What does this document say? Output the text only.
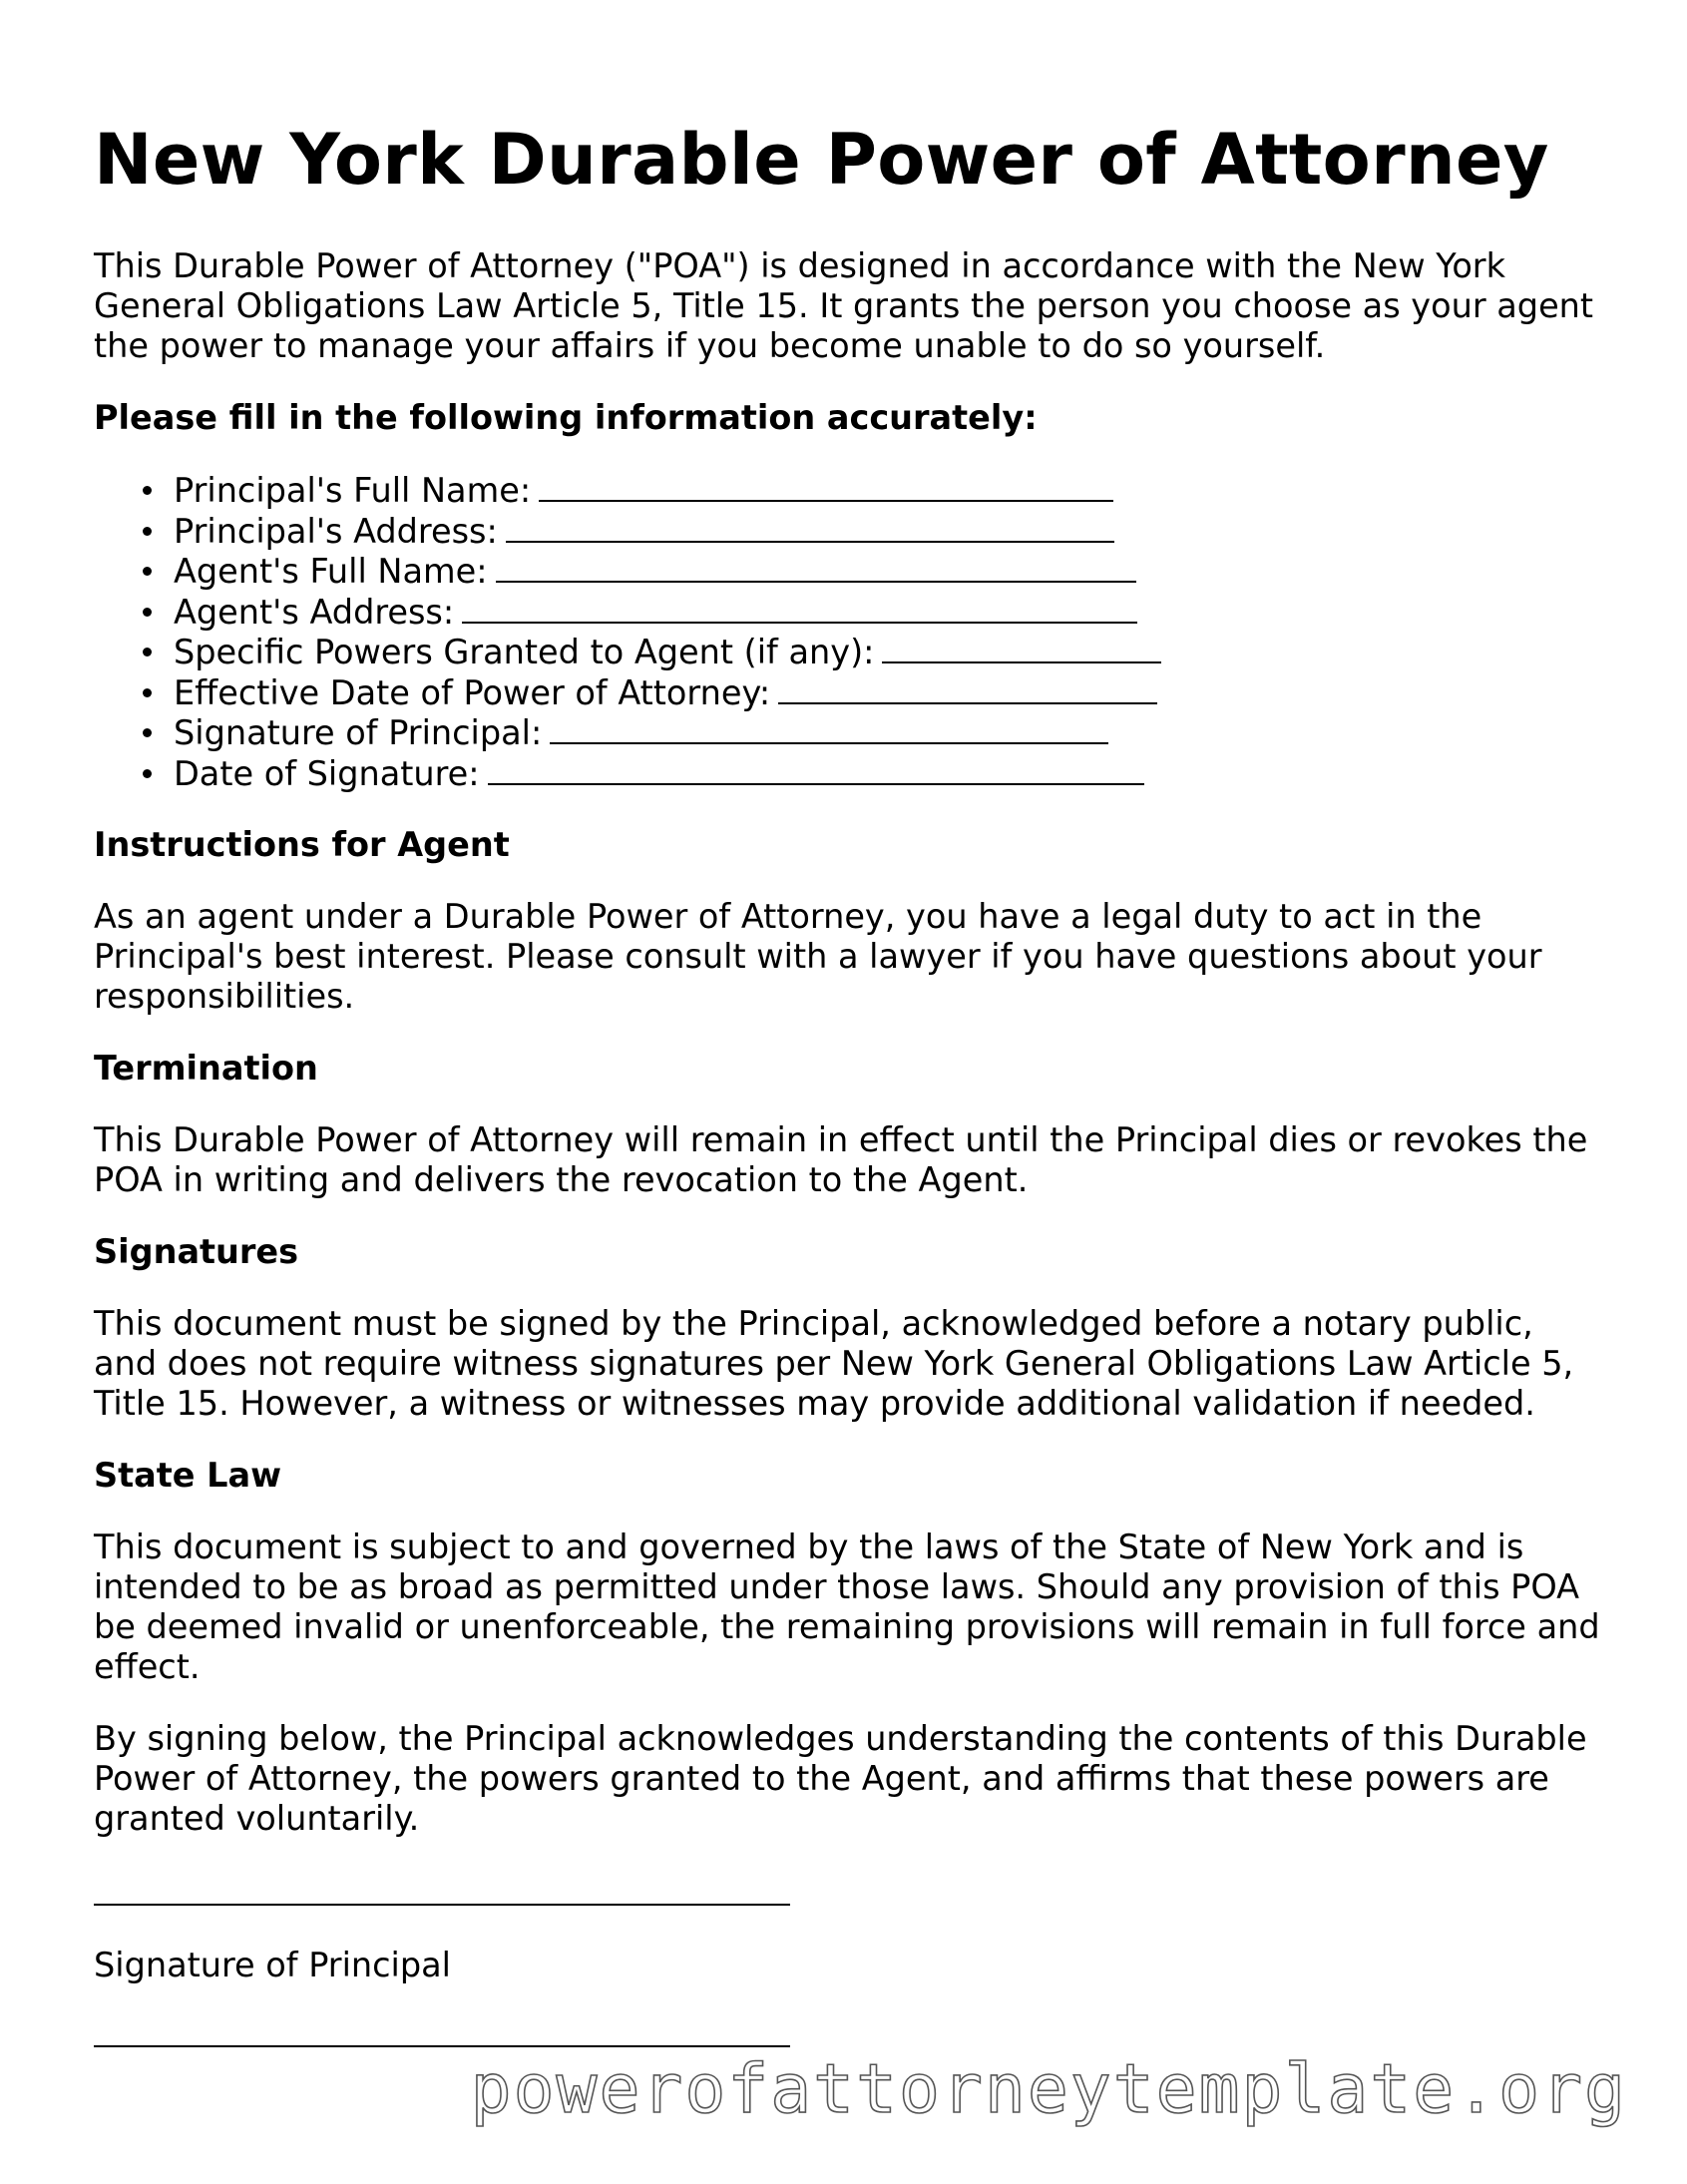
New York Durable Power of Attorney

This Durable Power of Attorney ("POA") is designed in accordance with the New York General Obligations Law Article 5, Title 15. It grants the person you choose as your agent the power to manage your affairs if you become unable to do so yourself.

Please fill in the following information accurately:
Principal's Full Name:
Principal's Address:
Agent's Full Name:
Agent's Address:
Specific Powers Granted to Agent (if any):
Effective Date of Power of Attorney:
Signature of Principal:
Date of Signature:
Instructions for Agent

As an agent under a Durable Power of Attorney, you have a legal duty to act in the Principal's best interest. Please consult with a lawyer if you have questions about your responsibilities.

Termination

This Durable Power of Attorney will remain in effect until the Principal dies or revokes the POA in writing and delivers the revocation to the Agent.

Signatures

This document must be signed by the Principal, acknowledged before a notary public, and does not require witness signatures per New York General Obligations Law Article 5, Title 15. However, a witness or witnesses may provide additional validation if needed.

State Law

This document is subject to and governed by the laws of the State of New York and is intended to be as broad as permitted under those laws. Should any provision of this POA be deemed invalid or unenforceable, the remaining provisions will remain in full force and effect.

By signing below, the Principal acknowledges understanding the contents of this Durable Power of Attorney, the powers granted to the Agent, and affirms that these powers are granted voluntarily.

Signature of Principal
powerofattorneytemplate.org
